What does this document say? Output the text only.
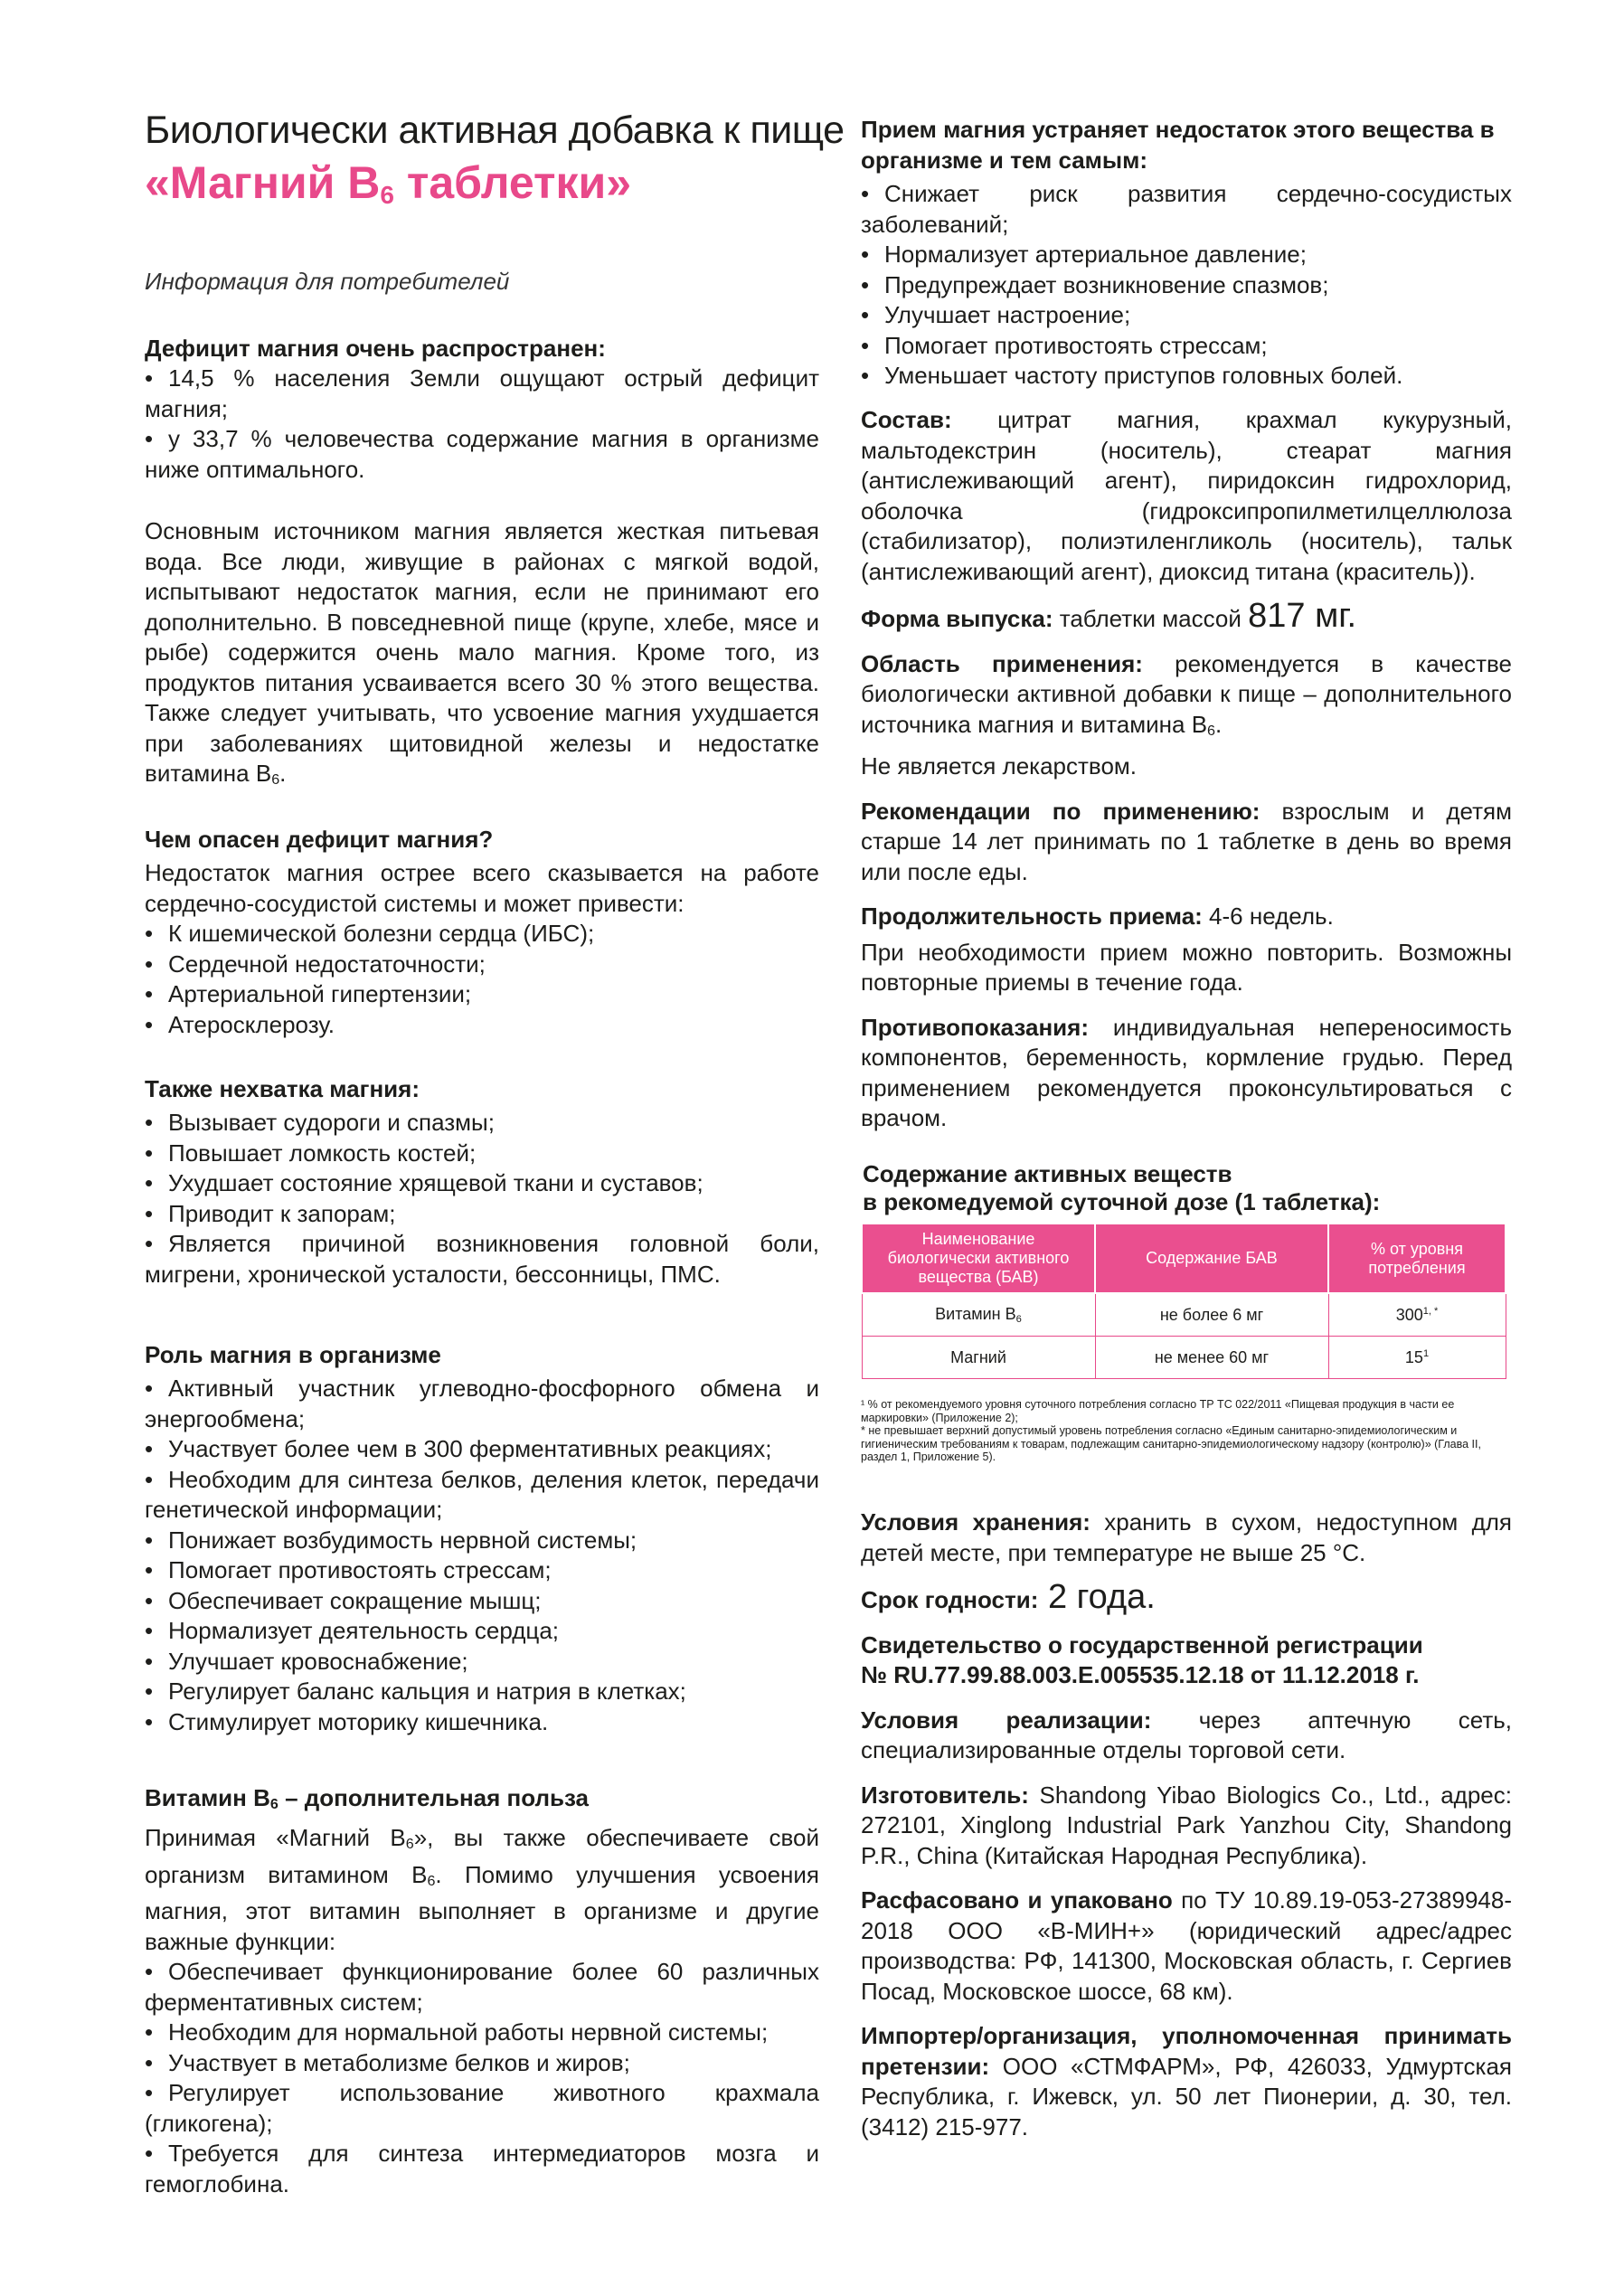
Биологически активная добавка к пище
«Магний $В_6$ таблетки»
Информация для потребителей
Дефицит магния очень распространен:
• 14,5 % населения Земли ощущают острый дефицит магния;
• у 33,7 % человечества содержание магния в организме ниже оптимального.
Основным источником магния является жесткая питьевая вода. Все люди, живущие в районах с мягкой водой, испытывают недостаток магния, если не принимают его дополнительно. В повседневной пище (крупе, хлебе, мясе и рыбе) содержится очень мало магния. Кроме того, из продуктов питания усваивается всего 30 % этого вещества. Также следует учитывать, что усвоение магния ухудшается при заболеваниях щитовидной железы и недостатке витамина В6.
Чем опасен дефицит магния?
Недостаток магния острее всего сказывается на работе сердечно-сосудистой системы и может привести:
• К ишемической болезни сердца (ИБС);
• Сердечной недостаточности;
• Артериальной гипертензии;
• Атеросклерозу.
Также нехватка магния:
• Вызывает судороги и спазмы;
• Повышает ломкость костей;
• Ухудшает состояние хрящевой ткани и суставов;
• Приводит к запорам;
• Является причиной возникновения головной боли, мигрени, хронической усталости, бессонницы, ПМС.
Роль магния в организме
• Активный участник углеводно-фосфорного обмена и энергообмена;
• Участвует более чем в 300 ферментативных реакциях;
• Необходим для синтеза белков, деления клеток, передачи генетической информации;
• Понижает возбудимость нервной системы;
• Помогает противостоять стрессам;
• Обеспечивает сокращение мышц;
• Нормализует деятельность сердца;
• Улучшает кровоснабжение;
• Регулирует баланс кальция и натрия в клетках;
• Стимулирует моторику кишечника.
Витамин В6 – дополнительная польза
Принимая «Магний В6», вы также обеспечиваете свой организм витамином В6. Помимо улучшения усвоения магния, этот витамин выполняет в организме и другие важные функции:
• Обеспечивает функционирование более 60 различных ферментативных систем;
• Необходим для нормальной работы нервной системы;
• Участвует в метаболизме белков и жиров;
• Регулирует использование животного крахмала (гликогена);
• Требуется для синтеза интермедиаторов мозга и гемоглобина.
Прием магния устраняет недостаток этого вещества в организме и тем самым:
• Снижает риск развития сердечно-сосудистых заболеваний;
• Нормализует артериальное давление;
• Предупреждает возникновение спазмов;
• Улучшает настроение;
• Помогает противостоять стрессам;
• Уменьшает частоту приступов головных болей.

Состав: цитрат магния, крахмал кукурузный, мальтодекстрин (носитель), стеарат магния (антислеживающий агент), пиридоксин гидрохлорид, оболочка (гидроксипропилметилцеллюлоза (стабилизатор), полиэтиленгликоль (носитель), тальк (антислеживающий агент), диоксид титана (краситель)).

Форма выпуска: таблетки массой 817 мг.

Область применения: рекомендуется в качестве биологически активной добавки к пище – дополнительного источника магния и витамина В6.

Не является лекарством.

Рекомендации по применению: взрослым и детям старше 14 лет принимать по 1 таблетке в день во время или после еды.

Продолжительность приема: 4-6 недель.

При необходимости прием можно повторить. Возможны повторные приемы в течение года.

Противопоказания: индивидуальная непереносимость компонентов, беременность, кормление грудью. Перед применением рекомендуется проконсультироваться с врачом.

Содержание активных веществ
в рекомедуемой суточной дозе (1 таблетка):
Наименование биологически активного вещества (БАВ)	Содержание БАВ	% от уровня потребления
Витамин В6	не более 6 мг	$300^{1, *}$
Магний	не менее 60 мг	$15^1$
¹ % от рекомендуемого уровня суточного потребления согласно ТР ТС 022/2011 «Пищевая продукция в части ее маркировки» (Приложение 2);
* не превышает верхний допустимый уровень потребления согласно «Единым санитарно-эпидемиологическим и гигиеническим требованиям к товарам, подлежащим санитарно-эпидемиологическому надзору (контролю)» (Глава II, раздел 1, Приложение 5).

Условия хранения: хранить в сухом, недоступном для детей месте, при температуре не выше 25 °С.

Срок годности: 2 года.

Свидетельство о государственной регистрации

№ RU.77.99.88.003.Е.005535.12.18 от 11.12.2018 г.

Условия реализации: через аптечную сеть, специализированные отделы торговой сети.

Изготовитель: Shandong Yibao Biologics Co., Ltd., адрес: 272101, Xinglong Industrial Park Yanzhou City, Shandong P.R., China (Китайская Народная Республика).

Расфасовано и упаковано по ТУ 10.89.19-053-27389948-2018 ООО «В-МИН+» (юридический адрес/адрес производства: РФ, 141300, Московская область, г. Сергиев Посад, Московское шоссе, 68 км).

Импортер/организация, уполномоченная принимать претензии: ООО «СТМФАРМ», РФ, 426033, Удмуртская Республика, г. Ижевск, ул. 50 лет Пионерии, д. 30, тел. (3412) 215-977.
